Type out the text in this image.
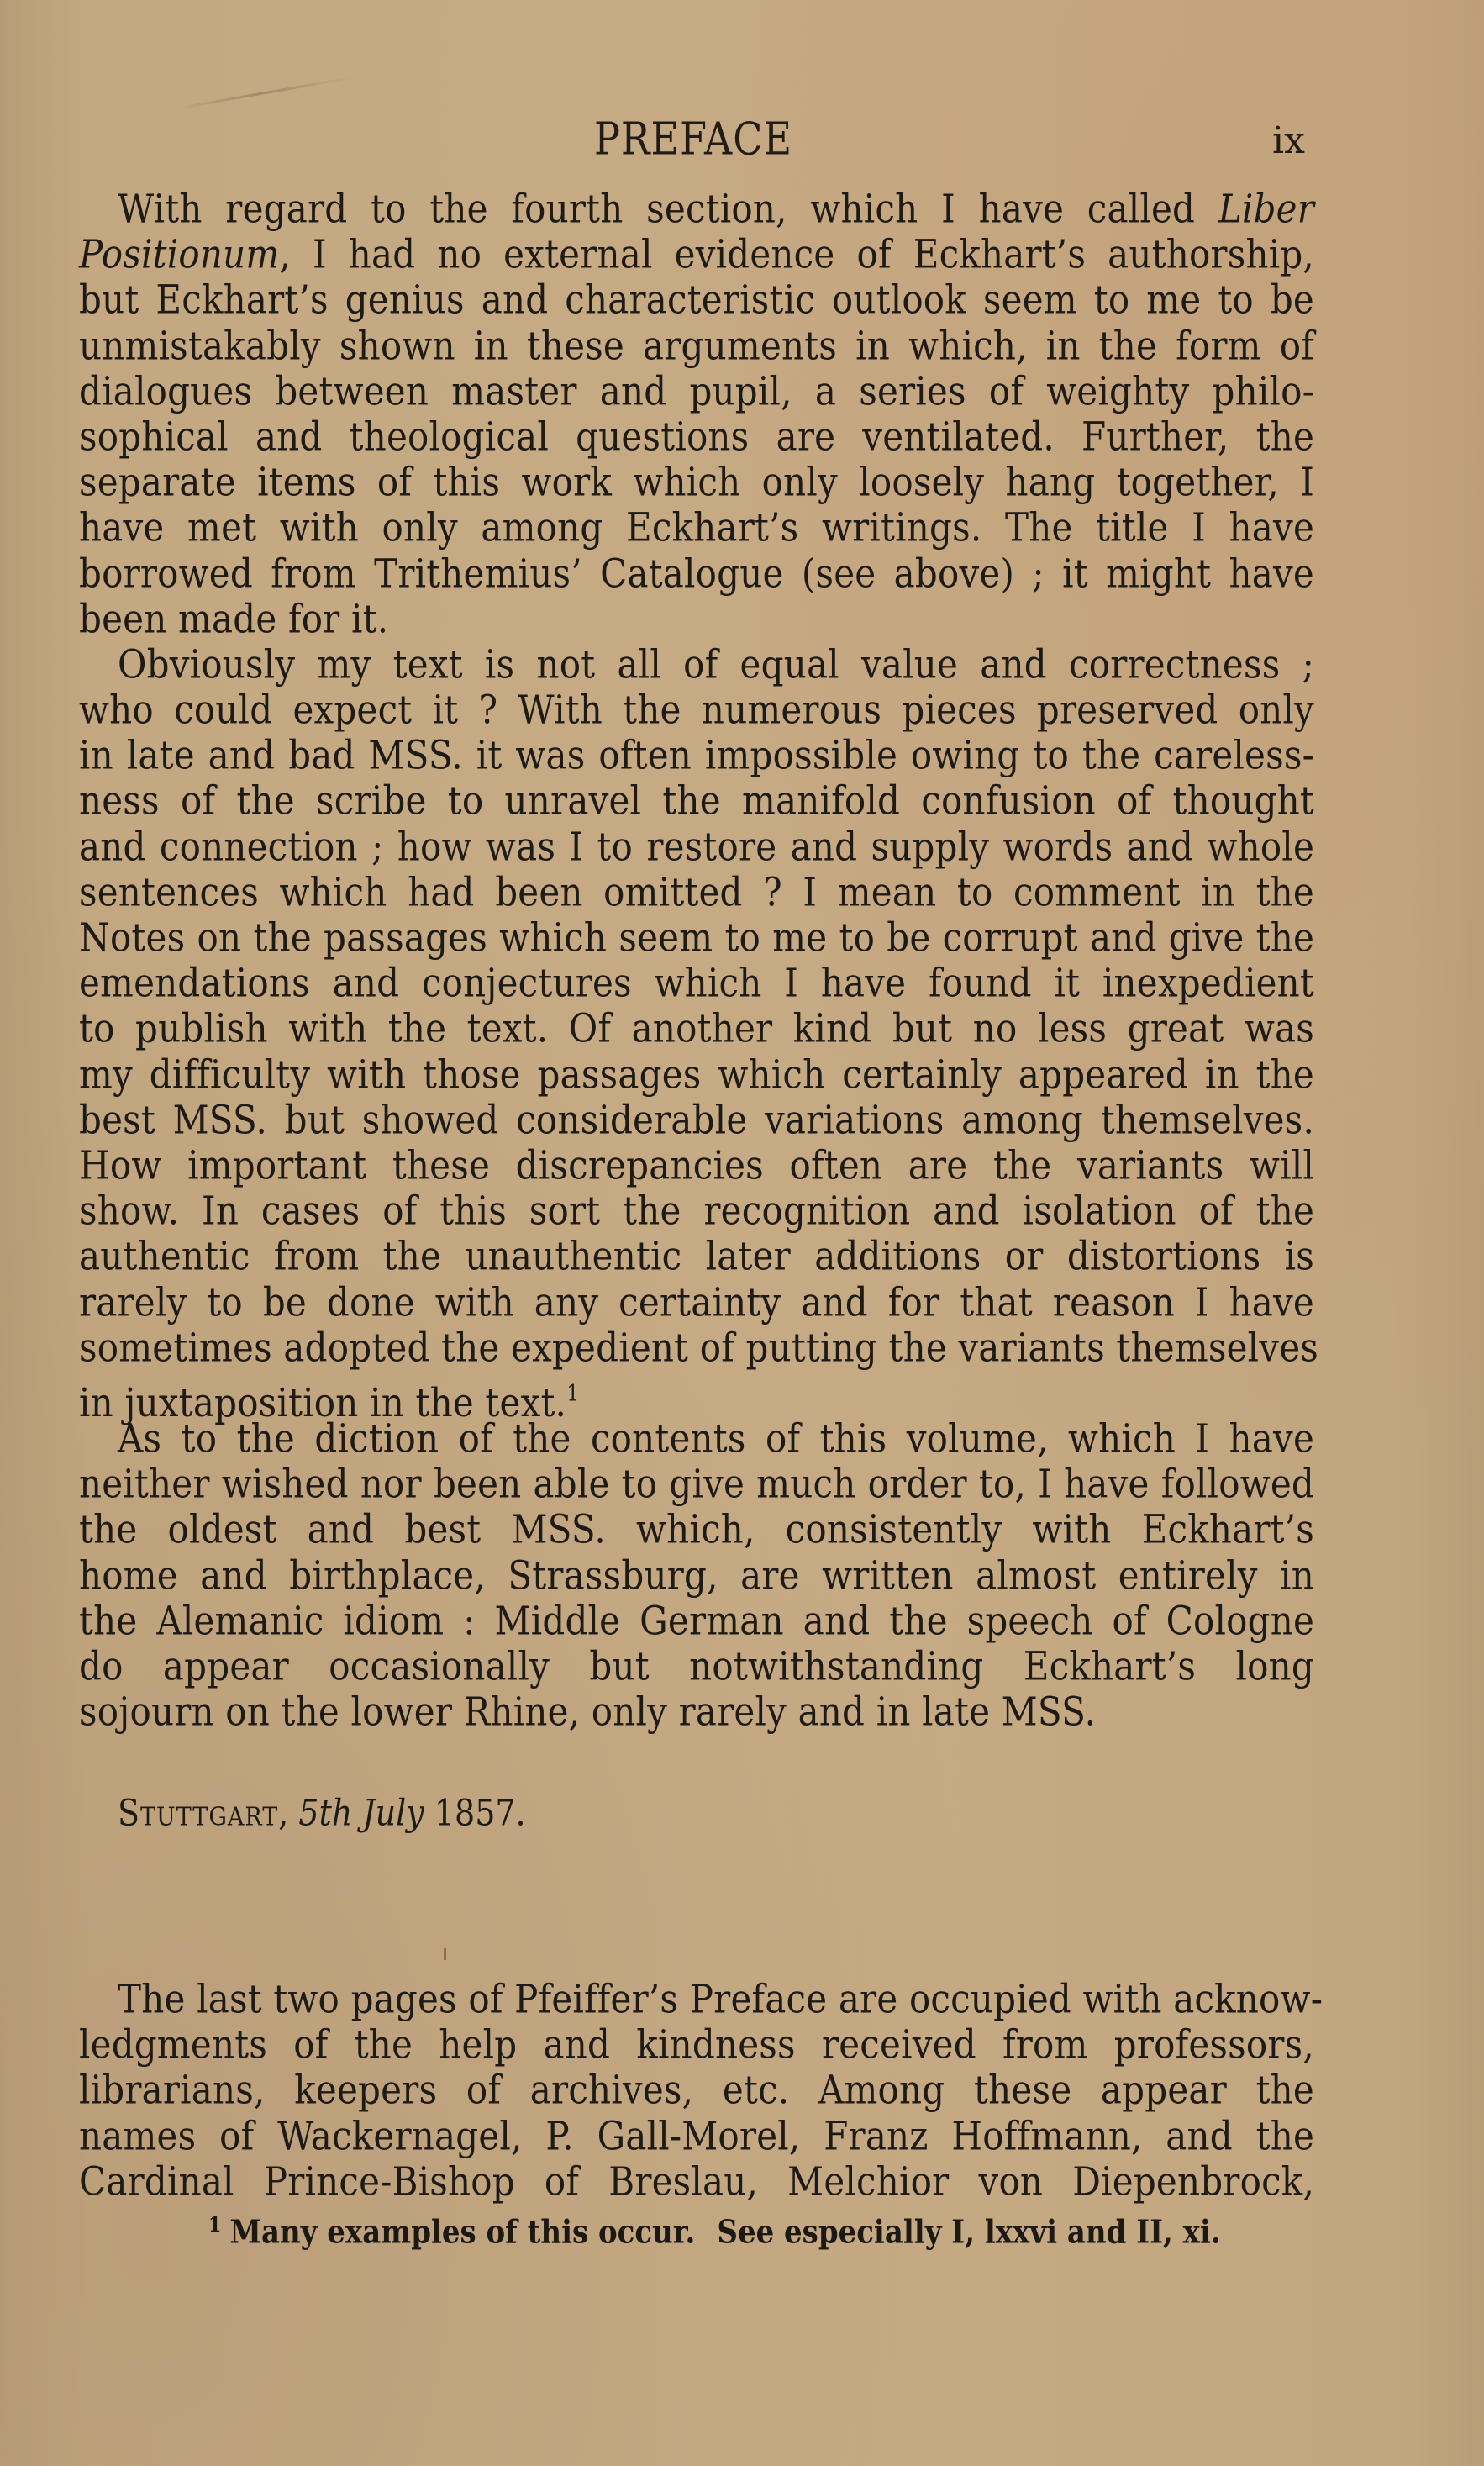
PREFACE	ix
With regard to the fourth section, which I have called Liber
Positionum, I had no external evidence of Eckhart’s authorship,
but Eckhart’s genius and characteristic outlook seem to me to be
unmistakably shown in these arguments in which, in the form of
dialogues between master and pupil, a series of weighty philo-
sophical and theological questions are ventilated. Further, the
separate items of this work which only loosely hang together, I
have met with only among Eckhart’s writings. The title I have
borrowed from Trithemius’ Catalogue (see above) ; it might have
been made for it.
Obviously my text is not all of equal value and correctness ;
who could expect it ? With the numerous pieces preserved only
in late and bad MSS. it was often impossible owing to the careless-
ness of the scribe to unravel the manifold confusion of thought
and connection ; how was I to restore and supply words and whole
sentences which had been omitted ? I mean to comment in the
Notes on the passages which seem to me to be corrupt and give the
emendations and conjectures which I have found it inexpedient
to publish with the text. Of another kind but no less great was
my difficulty with those passages which certainly appeared in the
best MSS. but showed considerable variations among themselves.
How important these discrepancies often are the variants will
show. In cases of this sort the recognition and isolation of the
authentic from the unauthentic later additions or distortions is
rarely to be done with any certainty and for that reason I have
sometimes adopted the expedient of putting the variants themselves
in juxtaposition in the text.$^1$
As to the diction of the contents of this volume, which I have
neither wished nor been able to give much order to, I have followed
the oldest and best MSS. which, consistently with Eckhart’s
home and birthplace, Strassburg, are written almost entirely in
the Alemanic idiom : Middle German and the speech of Cologne
do appear occasionally but notwithstanding Eckhart’s long
sojourn on the lower Rhine, only rarely and in late MSS.
Stuttgart, 5th July 1857.
The last two pages of Pfeiffer’s Preface are occupied with acknow-
ledgments of the help and kindness received from professors,
librarians, keepers of archives, etc. Among these appear the
names of Wackernagel, P. Gall-Morel, Franz Hoffmann, and the
Cardinal Prince-Bishop of Breslau, Melchior von Diepenbrock,
$^1$ Many examples of this occur. See especially I, lxxvi and II, xi.
